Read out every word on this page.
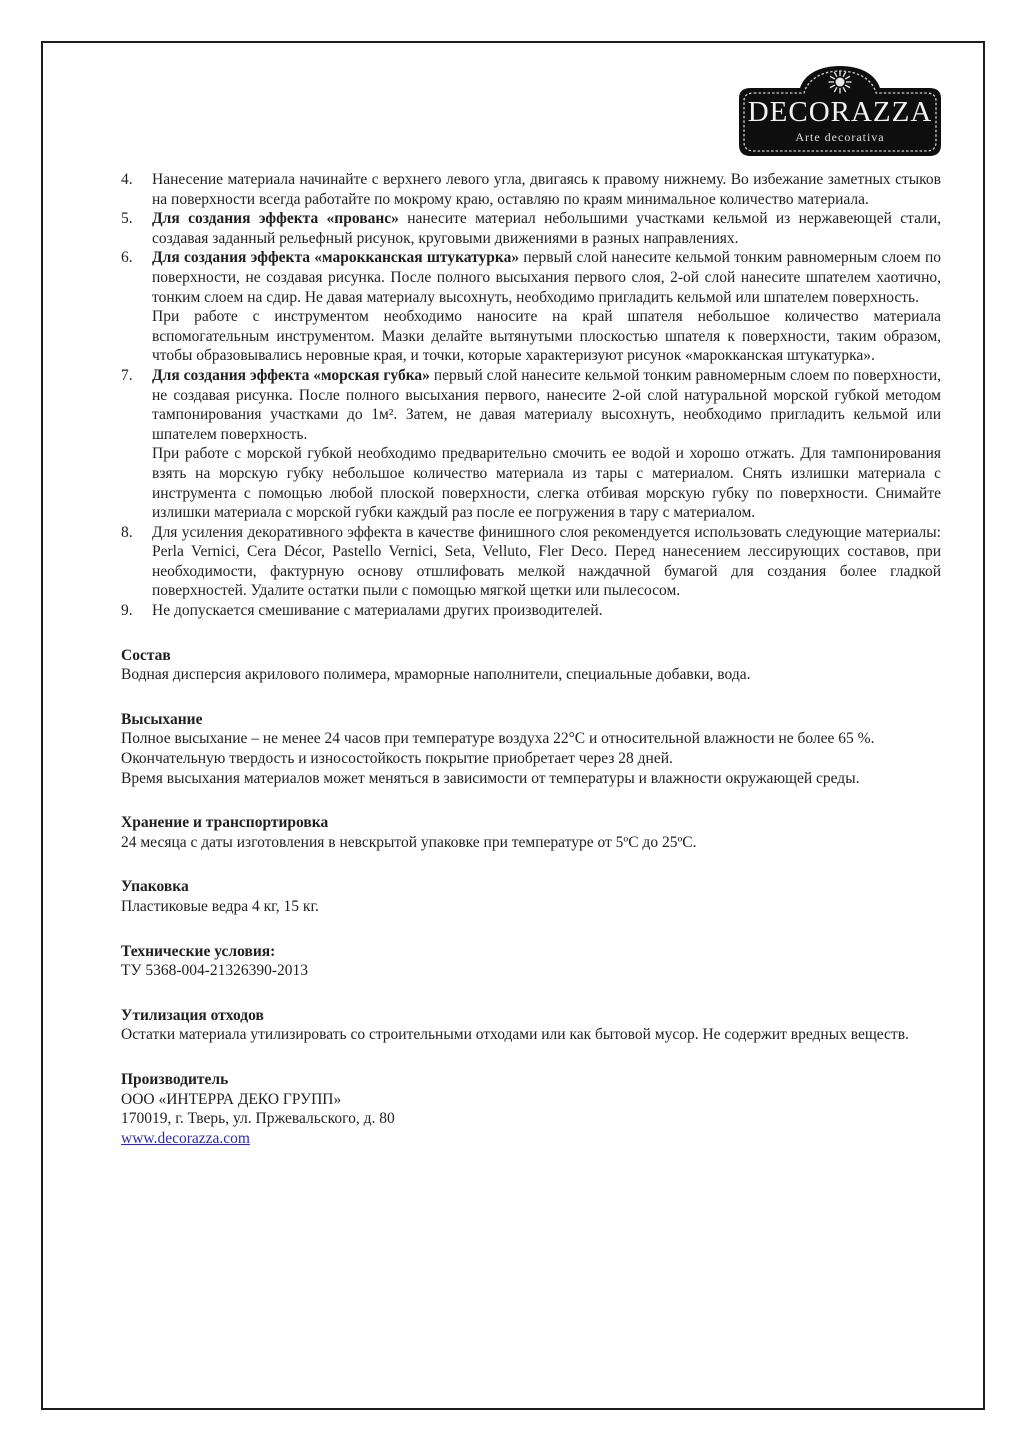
DECORAZZA
Arte decorativa
4. Нанесение материала начинайте с верхнего левого угла, двигаясь к правому нижнему. Во избежание заметных стыков на поверхности всегда работайте по мокрому краю, оставляю по краям минимальное количество материала.

5. Для создания эффекта «прованс» нанесите материал небольшими участками кельмой из нержавеющей стали, создавая заданный рельефный рисунок, круговыми движениями в разных направлениях.

6. Для создания эффекта «марокканская штукатурка» первый слой нанесите кельмой тонким равномерным слоем по поверхности, не создавая рисунка. После полного высыхания первого слоя, 2-ой слой нанесите шпателем хаотично, тонким слоем на сдир. Не давая материалу высохнуть, необходимо пригладить кельмой или шпателем поверхность.

При работе с инструментом необходимо наносите на край шпателя небольшое количество материала вспомогательным инструментом. Мазки делайте вытянутыми плоскостью шпателя к поверхности, таким образом, чтобы образовывались неровные края, и точки, которые характеризуют рисунок «марокканская штукатурка».

7. Для создания эффекта «морская губка» первый слой нанесите кельмой тонким равномерным слоем по поверхности, не создавая рисунка. После полного высыхания первого, нанесите 2-ой слой натуральной морской губкой методом тампонирования участками до 1м². Затем, не давая материалу высохнуть, необходимо пригладить кельмой или шпателем поверхность.

При работе с морской губкой необходимо предварительно смочить ее водой и хорошо отжать. Для тампонирования взять на морскую губку небольшое количество материала из тары с материалом. Снять излишки материала с инструмента с помощью любой плоской поверхности, слегка отбивая морскую губку по поверхности. Снимайте излишки материала с морской губки каждый раз после ее погружения в тару с материалом.

8. Для усиления декоративного эффекта в качестве финишного слоя рекомендуется использовать следующие материалы: Perla Vernici, Cera Décor, Pastello Vernici, Seta, Velluto, Fler Deco. Перед нанесением лессирующих составов, при необходимости, фактурную основу отшлифовать мелкой наждачной бумагой для создания более гладкой поверхностей. Удалите остатки пыли с помощью мягкой щетки или пылесосом.

9. Не допускается смешивание с материалами других производителей.

Состав

Водная дисперсия акрилового полимера, мраморные наполнители, специальные добавки, вода.

Высыхание

Полное высыхание – не менее 24 часов при температуре воздуха 22°С и относительной влажности не более 65 %. Окончательную твердость и износостойкость покрытие приобретает через 28 дней.

Время высыхания материалов может меняться в зависимости от температуры и влажности окружающей среды.

Хранение и транспортировка

24 месяца с даты изготовления в невскрытой упаковке при температуре от 5ºС до 25ºС.

Упаковка

Пластиковые ведра 4 кг, 15 кг.

Технические условия:

ТУ 5368-004-21326390-2013

Утилизация отходов

Остатки материала утилизировать со строительными отходами или как бытовой мусор. Не содержит вредных веществ.

Производитель

ООО «ИНТЕРРА ДЕКО ГРУПП»

170019, г. Тверь, ул. Пржевальского, д. 80

www.decorazza.com
